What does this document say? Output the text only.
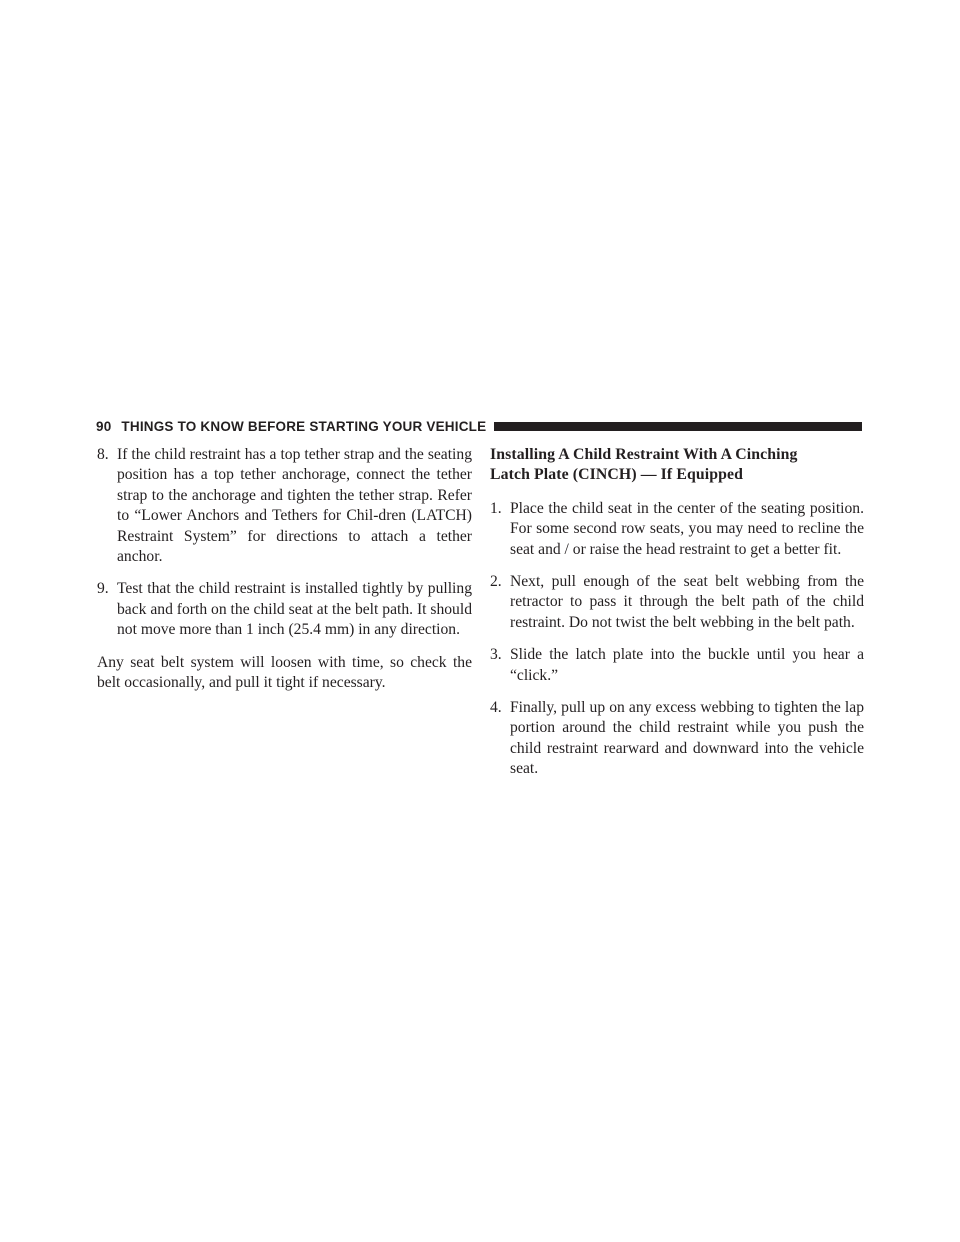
90 THINGS TO KNOW BEFORE STARTING YOUR VEHICLE

8. If the child restraint has a top tether strap and the seating position has a top tether anchorage, connect the tether strap to the anchorage and tighten the tether strap. Refer to “Lower Anchors and Tethers for Chil-dren (LATCH) Restraint System” for directions to attach a tether anchor.

9. Test that the child restraint is installed tightly by pulling back and forth on the child seat at the belt path. It should not move more than 1 inch (25.4 mm) in any direction.

Any seat belt system will loosen with time, so check the belt occasionally, and pull it tight if necessary.

Installing A Child Restraint With A Cinching
Latch Plate (CINCH) — If Equipped

1. Place the child seat in the center of the seating position. For some second row seats, you may need to recline the seat and / or raise the head restraint to get a better fit.

2. Next, pull enough of the seat belt webbing from the retractor to pass it through the belt path of the child restraint. Do not twist the belt webbing in the belt path.

3. Slide the latch plate into the buckle until you hear a “click.”

4. Finally, pull up on any excess webbing to tighten the lap portion around the child restraint while you push the child restraint rearward and downward into the vehicle seat.
